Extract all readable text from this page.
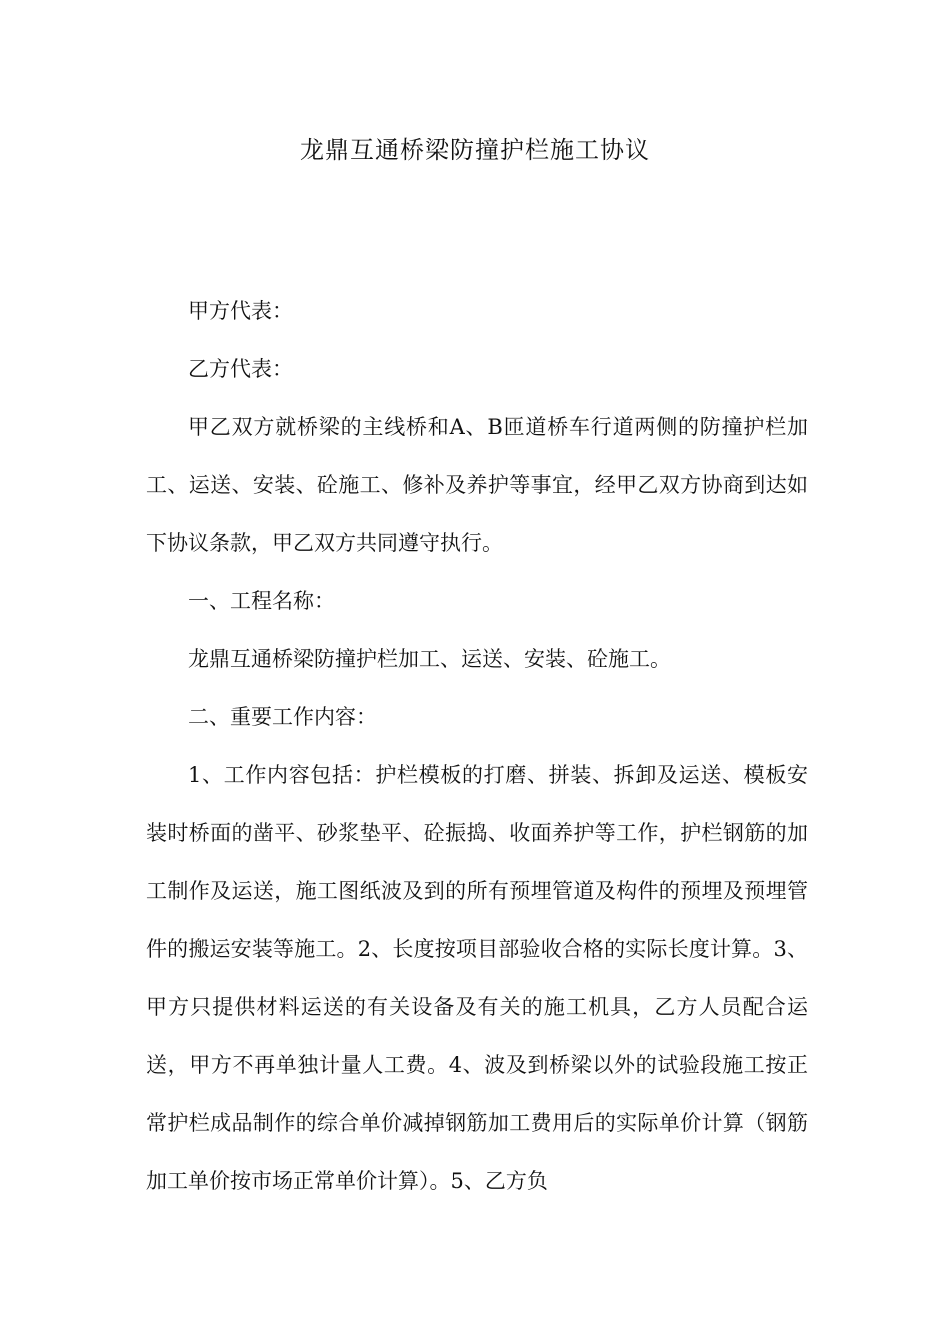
龙鼎互通桥梁防撞护栏施工协议

甲方代表：

乙方代表：

甲乙双方就桥梁的主线桥和A、B匝道桥车行道两侧的防撞护栏加工、运送、安装、砼施工、修补及养护等事宜，经甲乙双方协商到达如下协议条款，甲乙双方共同遵守执行。

一、工程名称：

龙鼎互通桥梁防撞护栏加工、运送、安装、砼施工。

二、重要工作内容：

1、工作内容包括：护栏模板的打磨、拼装、拆卸及运送、模板安装时桥面的凿平、砂浆垫平、砼振捣、收面养护等工作，护栏钢筋的加工制作及运送，施工图纸波及到的所有预埋管道及构件的预埋及预埋管件的搬运安装等施工。2、长度按项目部验收合格的实际长度计算。3、甲方只提供材料运送的有关设备及有关的施工机具，乙方人员配合运送，甲方不再单独计量人工费。4、波及到桥梁以外的试验段施工按正常护栏成品制作的综合单价减掉钢筋加工费用后的实际单价计算（钢筋加工单价按市场正常单价计算）。5、乙方负
